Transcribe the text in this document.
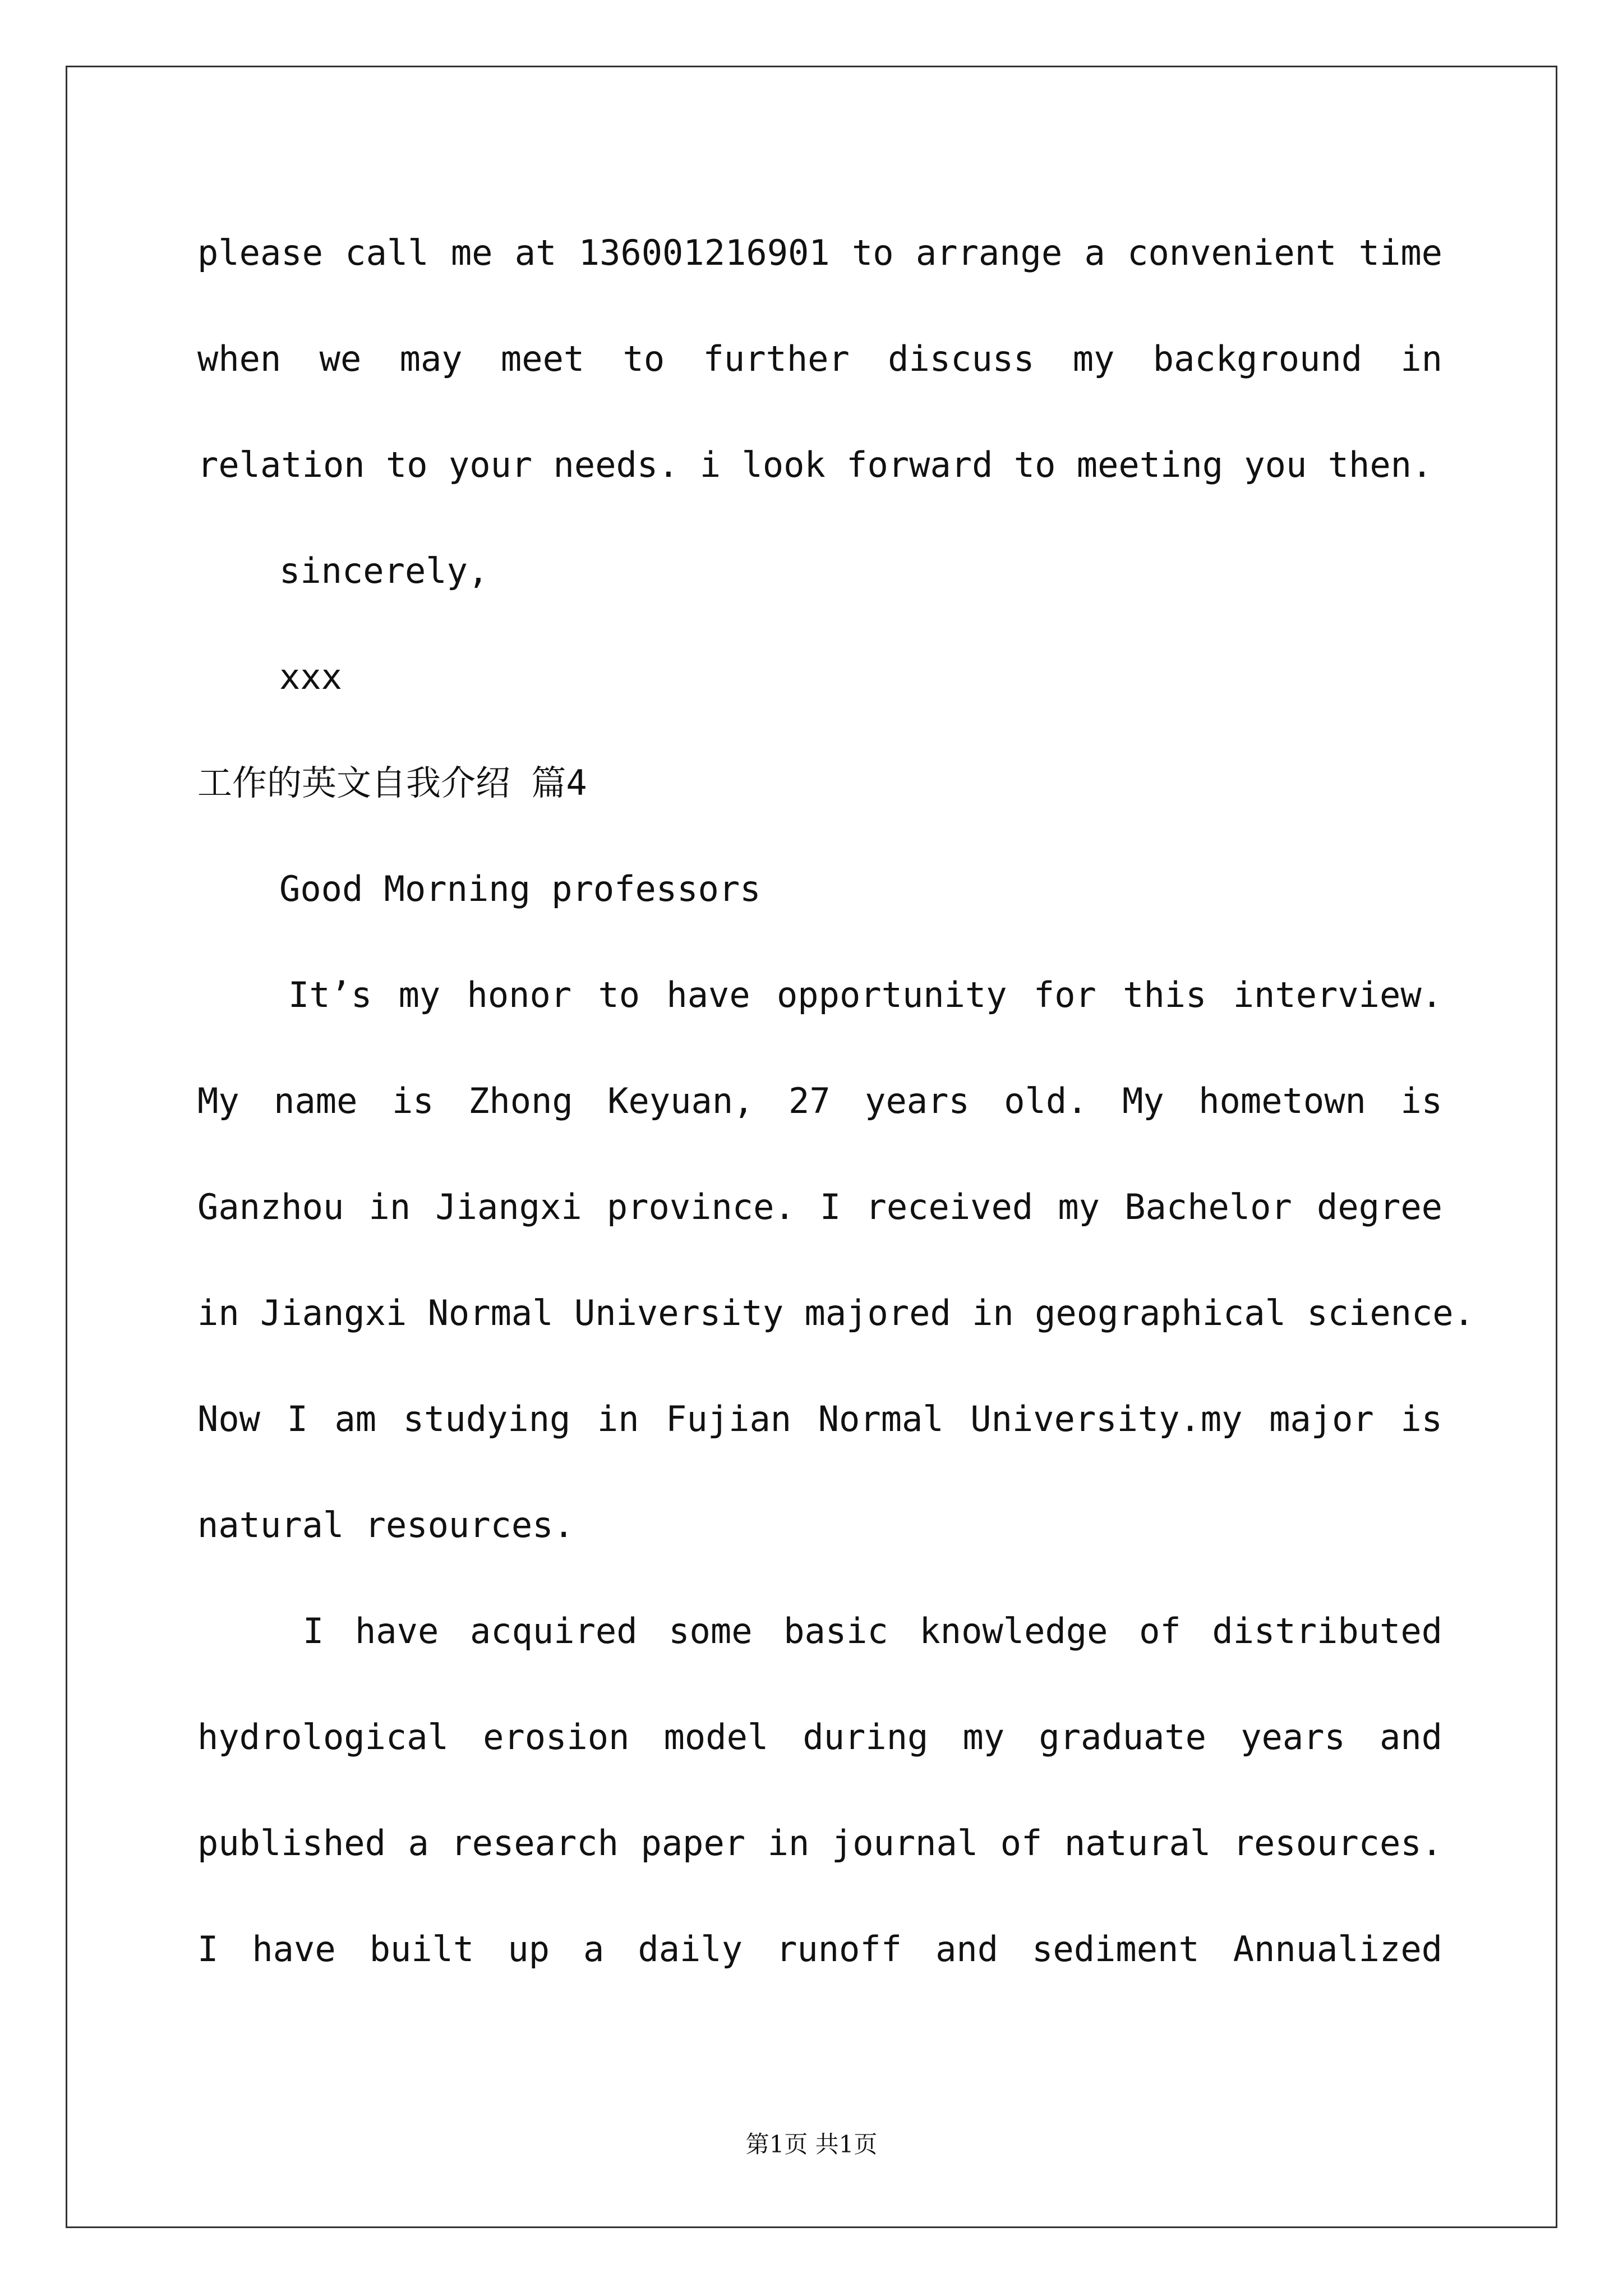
please call me at 136001216901 to arrange a convenient time

when we may meet to further discuss my background in

relation to your needs. i look forward to meeting you then.

sincerely,

xxx

工作的英文自我介绍 篇4

Good Morning professors

It’s my honor to have opportunity for this interview.

My name is Zhong Keyuan, 27 years old. My hometown is

Ganzhou in Jiangxi province. I received my Bachelor degree

in Jiangxi Normal University majored in geographical science.

Now I am studying in Fujian Normal University.my major is

natural resources.

I have acquired some basic knowledge of distributed

hydrological erosion model during my graduate years and

published a research paper in journal of natural resources.

I have built up a daily runoff and sediment Annualized

第1页 共1页
